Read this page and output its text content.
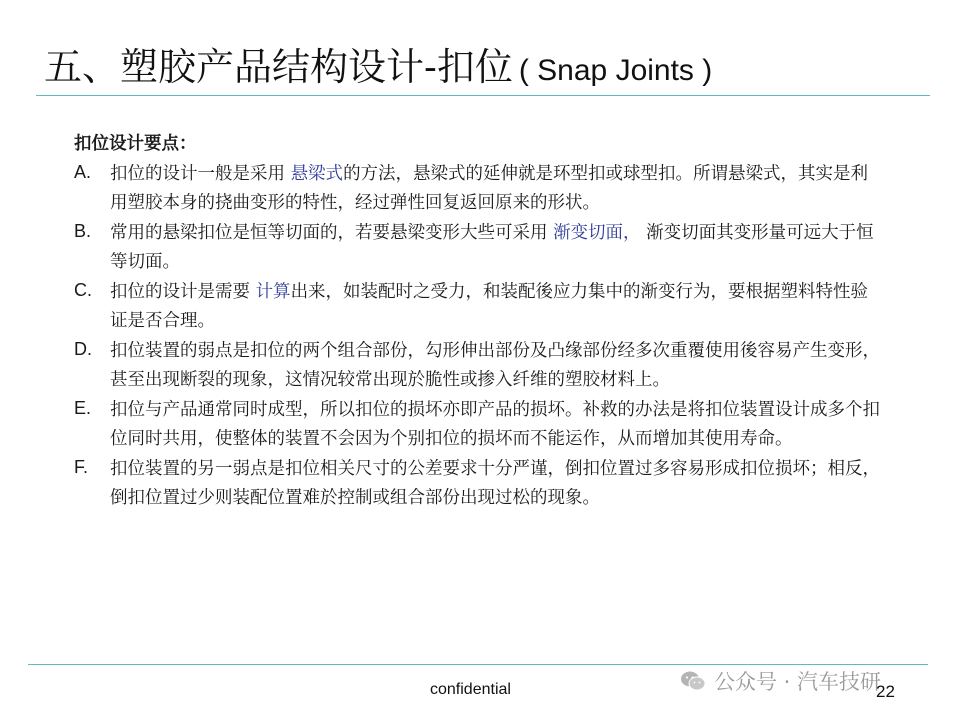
五、塑胶产品结构设计-扣位 ( Snap Joints )
扣位设计要点：
A. 扣位的设计一般是采用 悬梁式的方法，悬梁式的延伸就是环型扣或球型扣。所谓悬梁式，其实是利用塑胶本身的挠曲变形的特性，经过弹性回复返回原来的形状。
B. 常用的悬梁扣位是恒等切面的，若要悬梁变形大些可采用 渐变切面， 渐变切面其变形量可远大于恒等切面。
C. 扣位的设计是需要 计算出来，如装配时之受力，和装配後应力集中的渐变行为，要根据塑料特性验证是否合理。
D. 扣位装置的弱点是扣位的两个组合部份，勾形伸出部份及凸缘部份经多次重覆使用後容易产生变形，甚至出现断裂的现象，这情况较常出现於脆性或掺入纤维的塑胶材料上。
E. 扣位与产品通常同时成型，所以扣位的损坏亦即产品的损坏。补救的办法是将扣位装置设计成多个扣位同时共用，使整体的装置不会因为个别扣位的损坏而不能运作，从而增加其使用寿命。
F. 扣位装置的另一弱点是扣位相关尺寸的公差要求十分严谨，倒扣位置过多容易形成扣位损坏；相反，倒扣位置过少则装配位置难於控制或组合部份出现过松的现象。
confidential	公众号 · 汽车技研
22
